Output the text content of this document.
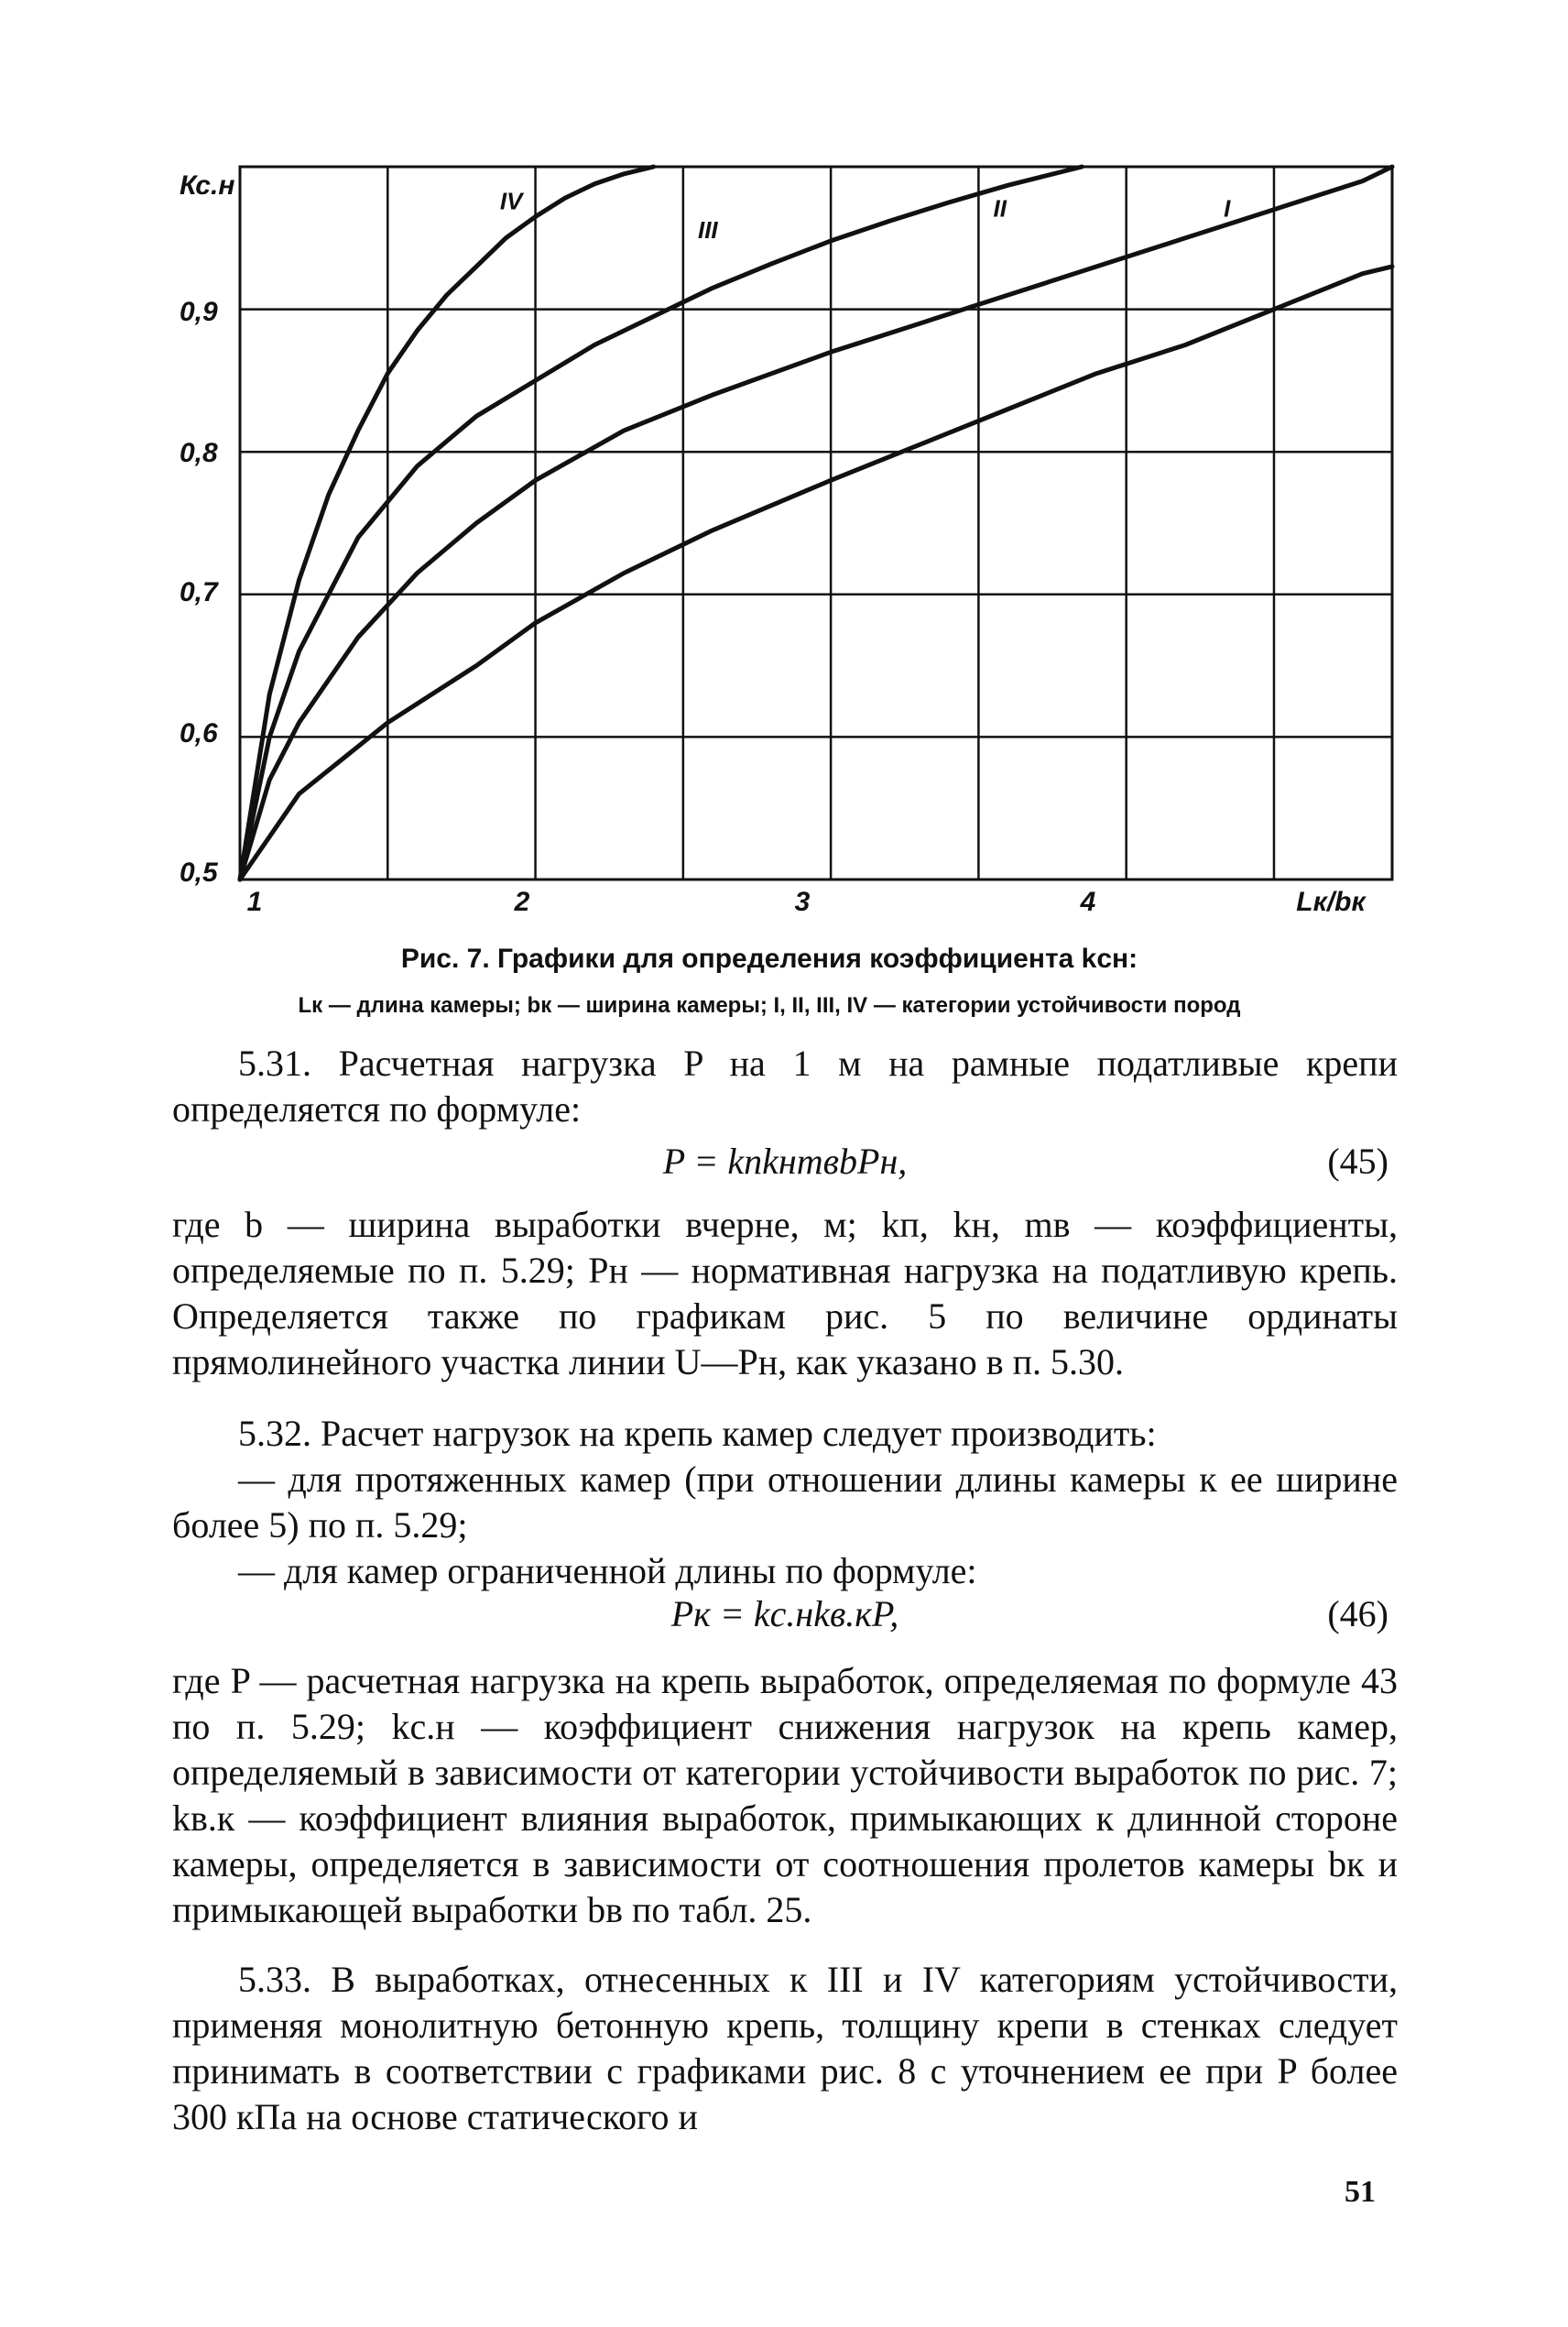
IV
III
II	I
Кс.н
0,9
0,8
0,7
0,6
0,5
1	2	3	4	Lк/bк
Рис. 7. Графики для определения коэффициента kсн:
Lк — длина камеры; bк — ширина камеры; I, II, III, IV — категории устойчивости пород

5.31. Расчетная нагрузка P на 1 м на рамные податливые крепи определяется по формуле:

P = kпkнmвbPн,	(45)

где b — ширина выработки вчерне, м; kп, kн, mв — коэффициенты, определяемые по п. 5.29; Pн — нормативная нагрузка на податливую крепь. Определяется также по графикам рис. 5 по величине ординаты прямолинейного участка линии U—Pн, как указано в п. 5.30.

5.32. Расчет нагрузок на крепь камер следует производить:

— для протяженных камер (при отношении длины камеры к ее ширине более 5) по п. 5.29;

— для камер ограниченной длины по формуле:

Pк = kс.нkв.кP,	(46)

где P — расчетная нагрузка на крепь выработок, определяемая по формуле 43 по п. 5.29; kс.н — коэффициент снижения нагрузок на крепь камер, определяемый в зависимости от категории устойчивости выработок по рис. 7; kв.к — коэффициент влияния выработок, примыкающих к длинной стороне камеры, определяется в зависимости от соотношения пролетов камеры bк и примыкающей выработки bв по табл. 25.

5.33. В выработках, отнесенных к III и IV категориям устойчивости, применяя монолитную бетонную крепь, толщину крепи в стенках следует принимать в соответствии с графиками рис. 8 с уточнением ее при P более 300 кПа на основе статического и

51
